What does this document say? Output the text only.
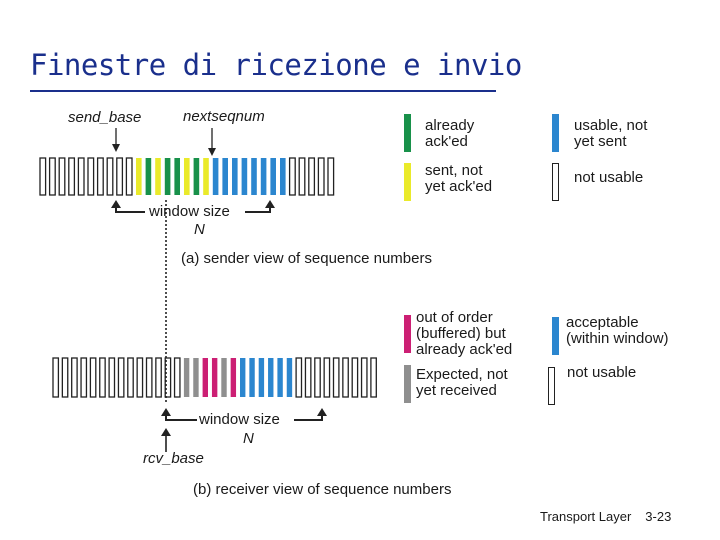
Finestre di ricezione e invio
send_base	nextseqnum
window size
N
(a) sender view of sequence numbers
window size
N
rcv_base
(b) receiver view of sequence numbers
already
ack'ed
sent, not
yet ack'ed
usable, not
yet sent
not usable
out of order
(buffered) but
already ack'ed
Expected, not
yet received
acceptable
(within window)
not usable
Transport Layer 3-23
